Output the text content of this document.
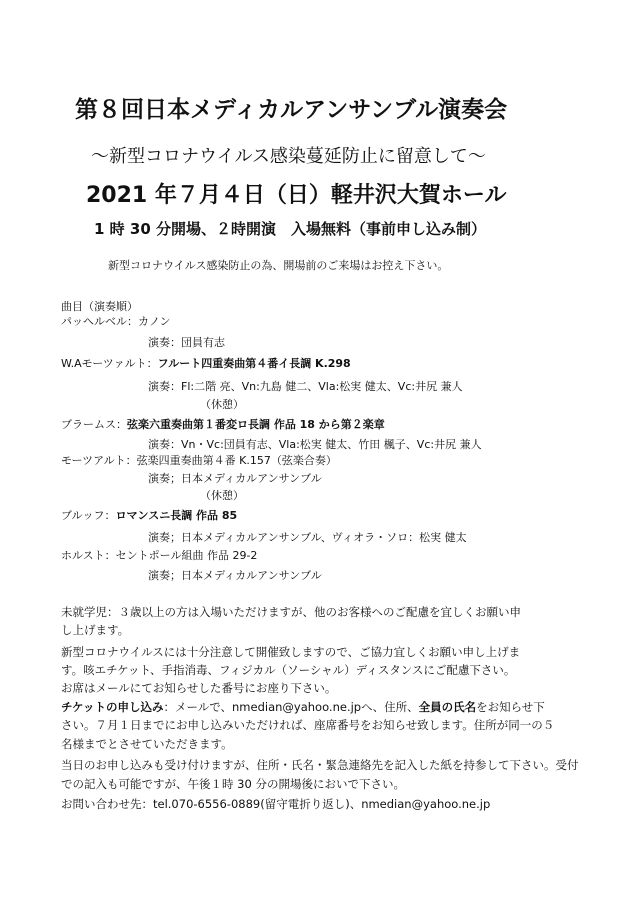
第８回日本メディカルアンサンブル演奏会
～新型コロナウイルス感染蔓延防止に留意して～
2021 年７月４日（日）軽井沢大賀ホール
1 時 30 分開場、２時開演　入場無料（事前申し込み制）
新型コロナウイルス感染防止の為、開場前のご来場はお控え下さい。
曲目（演奏順）
パッヘルベル：カノン
演奏：団員有志
W.Aモーツァルト：フルート四重奏曲第４番イ長調 K.298
演奏：Fl:二階 亮、Vn:九島 健二、Vla:松実 健太、Vc:井尻 兼人
（休憩）
ブラームス：弦楽六重奏曲第１番変ロ長調 作品 18 から第２楽章
演奏：Vn・Vc:団員有志、Vla:松実 健太、竹田 楓子、Vc:井尻 兼人
モーツアルト：弦楽四重奏曲第４番 K.157（弦楽合奏）
演奏；日本メディカルアンサンブル
（休憩）
ブルッフ：ロマンスニ長調 作品 85
演奏；日本メディカルアンサンブル、ヴィオラ・ソロ：松実 健太
ホルスト：セントポール組曲 作品 29-2
演奏；日本メディカルアンサンブル
未就学児：３歳以上の方は入場いただけますが、他のお客様へのご配慮を宜しくお願い申
し上げます。
新型コロナウイルスには十分注意して開催致しますので、ご協力宜しくお願い申し上げま
す。咳エチケット、手指消毒、フィジカル（ソーシャル）ディスタンスにご配慮下さい。
お席はメールにてお知らせした番号にお座り下さい。
チケットの申し込み：メールで、nmedian@yahoo.ne.jpへ、住所、全員の氏名をお知らせ下
さい。７月１日までにお申し込みいただければ、座席番号をお知らせ致します。住所が同一の５
名様までとさせていただきます。
当日のお申し込みも受け付けますが、住所・氏名・緊急連絡先を記入した紙を持参して下さい。受付
での記入も可能ですが、午後１時 30 分の開場後においで下さい。
お問い合わせ先：tel.070-6556-0889(留守電折り返し)、nmedian@yahoo.ne.jp
